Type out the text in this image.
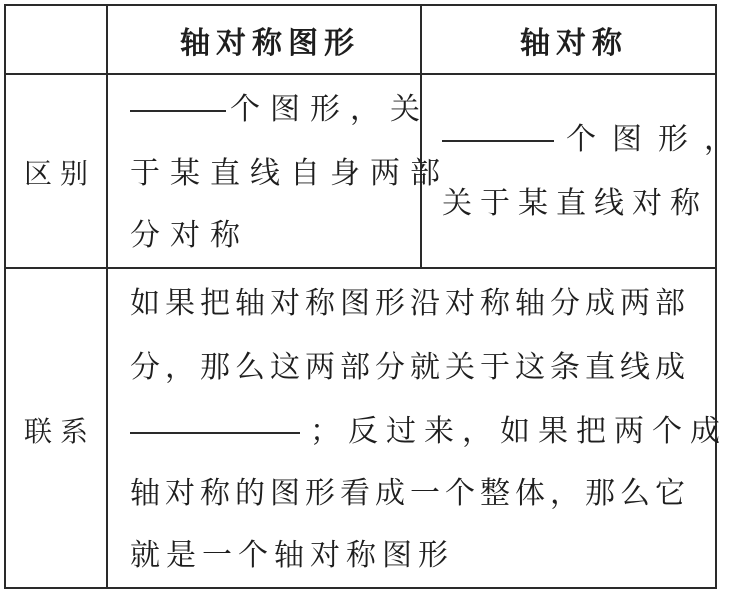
轴对称图形	轴对称
区别
个图形，关
于某直线自身两部
分对称
个图形，
关于某直线对称
联系
如果把轴对称图形沿对称轴分成两部
分，那么这两部分就关于这条直线成
；反过来，如果把两个成
轴对称的图形看成一个整体，那么它
就是一个轴对称图形
